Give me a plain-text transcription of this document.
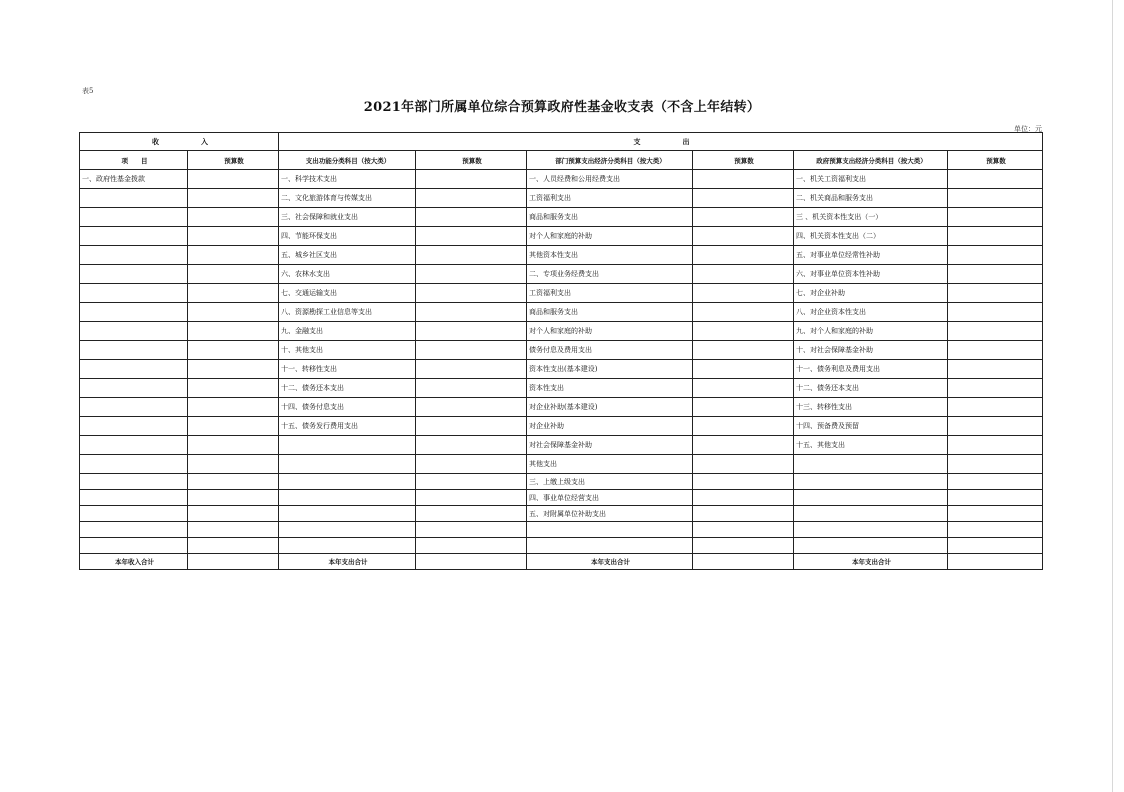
表5
2021年部门所属单位综合预算政府性基金收支表（不含上年结转）
单位：元
收　　　　　　入		支　　　　　　出					
项　　目	预算数	支出功能分类科目（按大类）	预算数	部门预算支出经济分类科目（按大类）	预算数	政府预算支出经济分类科目（按大类）	预算数
一、政府性基金拨款		一、科学技术支出		一、人员经费和公用经费支出		一、机关工资福利支出	
		二、文化旅游体育与传媒支出		工资福利支出		二、机关商品和服务支出	
		三、社会保障和就业支出		商品和服务支出		三 、机关资本性支出（一）	
		四、节能环保支出		对个人和家庭的补助		四、机关资本性支出（二）	
		五、城乡社区支出		其他资本性支出		五、对事业单位经常性补助	
		六、农林水支出		二、专项业务经费支出		六、对事业单位资本性补助	
		七、交通运输支出		工资福利支出		七、对企业补助	
		八、资源勘探工业信息等支出		商品和服务支出		八、对企业资本性支出	
		九、金融支出		对个人和家庭的补助		九、对个人和家庭的补助	
		十、其他支出		债务付息及费用支出		十、对社会保障基金补助	
		十一、转移性支出		资本性支出(基本建设)		十一、债务利息及费用支出	
		十二、债务还本支出		资本性支出		十二、债务还本支出	
		十四、债务付息支出		对企业补助(基本建设)		十三、转移性支出	
		十五、债务发行费用支出		对企业补助		十四、预备费及预留	
				对社会保障基金补助		十五、其他支出	
				其他支出			
				三、上缴上级支出			
				四、事业单位经营支出			
				五、对附属单位补助支出			

本年收入合计		本年支出合计		本年支出合计		本年支出合计	
